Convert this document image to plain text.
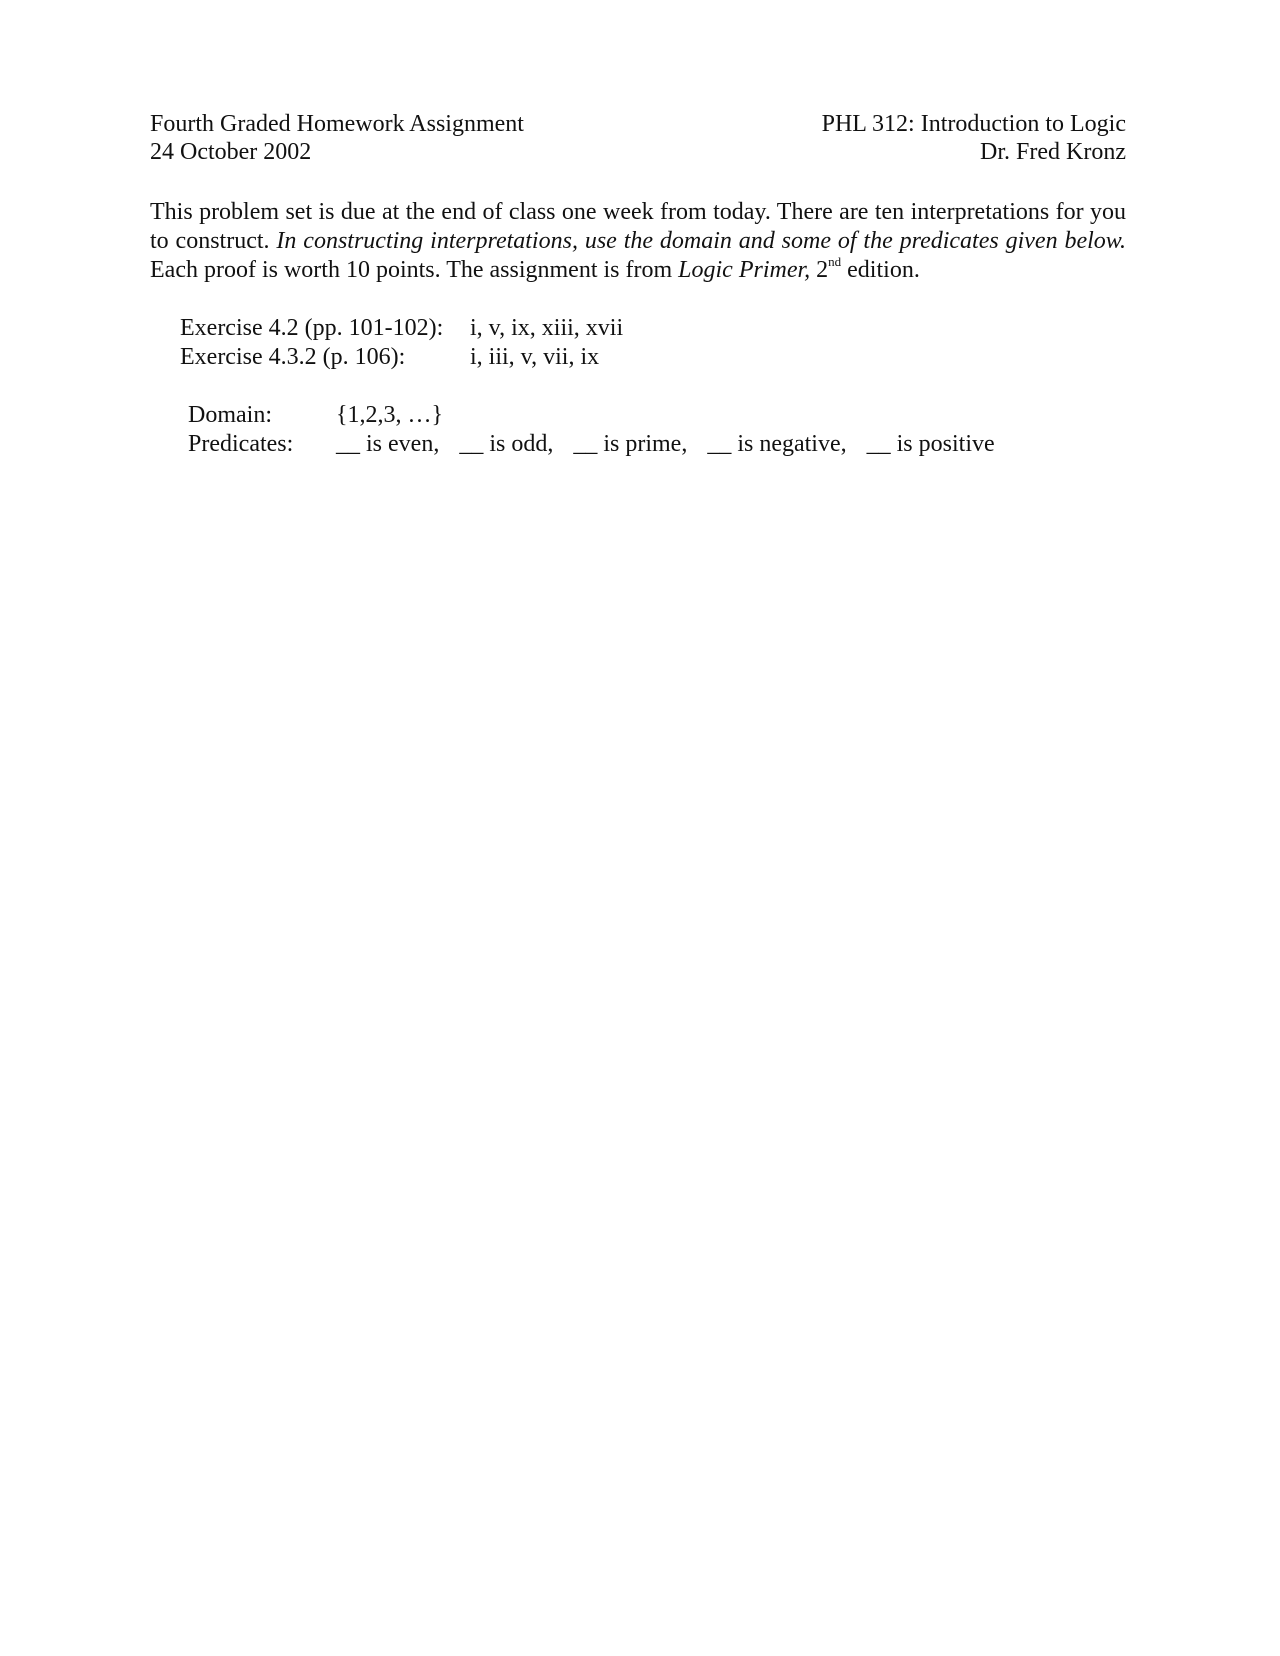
Fourth Graded Homework Assignment
24 October 2002
PHL 312: Introduction to Logic
Dr. Fred Kronz
This problem set is due at the end of class one week from today. There are ten interpretations for you to construct. In constructing interpretations, use the domain and some of the predicates given below. Each proof is worth 10 points. The assignment is from Logic Primer, 2nd edition.
Exercise 4.2 (pp. 101-102):	i, v, ix, xiii, xvii
Exercise 4.3.2 (p. 106):	i, iii, v, vii, ix
Domain:	{1,2,3, …}
Predicates:	__ is even, __ is odd, __ is prime, __ is negative, __ is positive
